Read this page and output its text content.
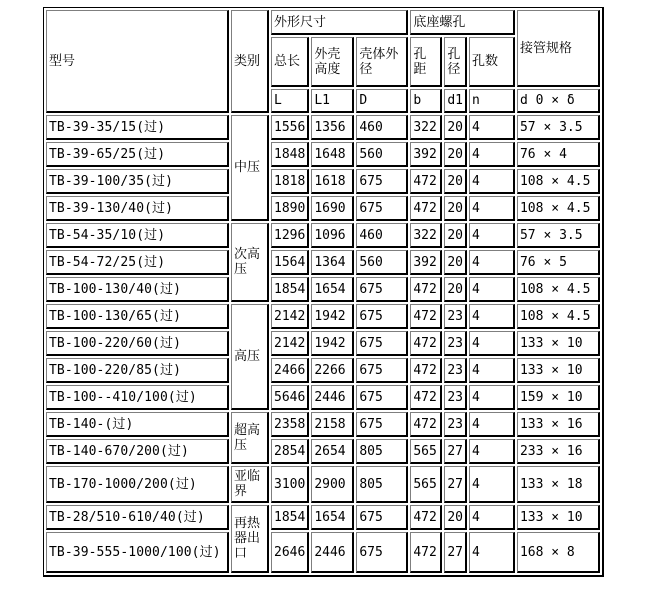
型号	类别	外形尺寸			底座螺孔			接管规格
		总长	外壳高度	壳体外径	孔距	孔径	孔数	
		L	L1	D	b	d1	n	d 0 × δ
TB-39-35/15(过)	中压	1556	1356	460	322	20	4	57 × 3.5
TB-39-65/25(过)		1848	1648	560	392	20	4	76 × 4
TB-39-100/35(过)		1818	1618	675	472	20	4	108 × 4.5
TB-39-130/40(过)		1890	1690	675	472	20	4	108 × 4.5
TB-54-35/10(过)	次高压	1296	1096	460	322	20	4	57 × 3.5
TB-54-72/25(过)		1564	1364	560	392	20	4	76 × 5
TB-100-130/40(过)		1854	1654	675	472	20	4	108 × 4.5
TB-100-130/65(过)	高压	2142	1942	675	472	23	4	108 × 4.5
TB-100-220/60(过)		2142	1942	675	472	23	4	133 × 10
TB-100-220/85(过)		2466	2266	675	472	23	4	133 × 10
TB-100--410/100(过)		5646	2446	675	472	23	4	159 × 10
TB-140-(过)	超高压	2358	2158	675	472	23	4	133 × 16
TB-140-670/200(过)		2854	2654	805	565	27	4	233 × 16
TB-170-1000/200(过)	亚临界	3100	2900	805	565	27	4	133 × 18
TB-28/510-610/40(过)	再热器出口	1854	1654	675	472	20	4	133 × 10
TB-39-555-1000/100(过)		2646	2446	675	472	27	4	168 × 8
